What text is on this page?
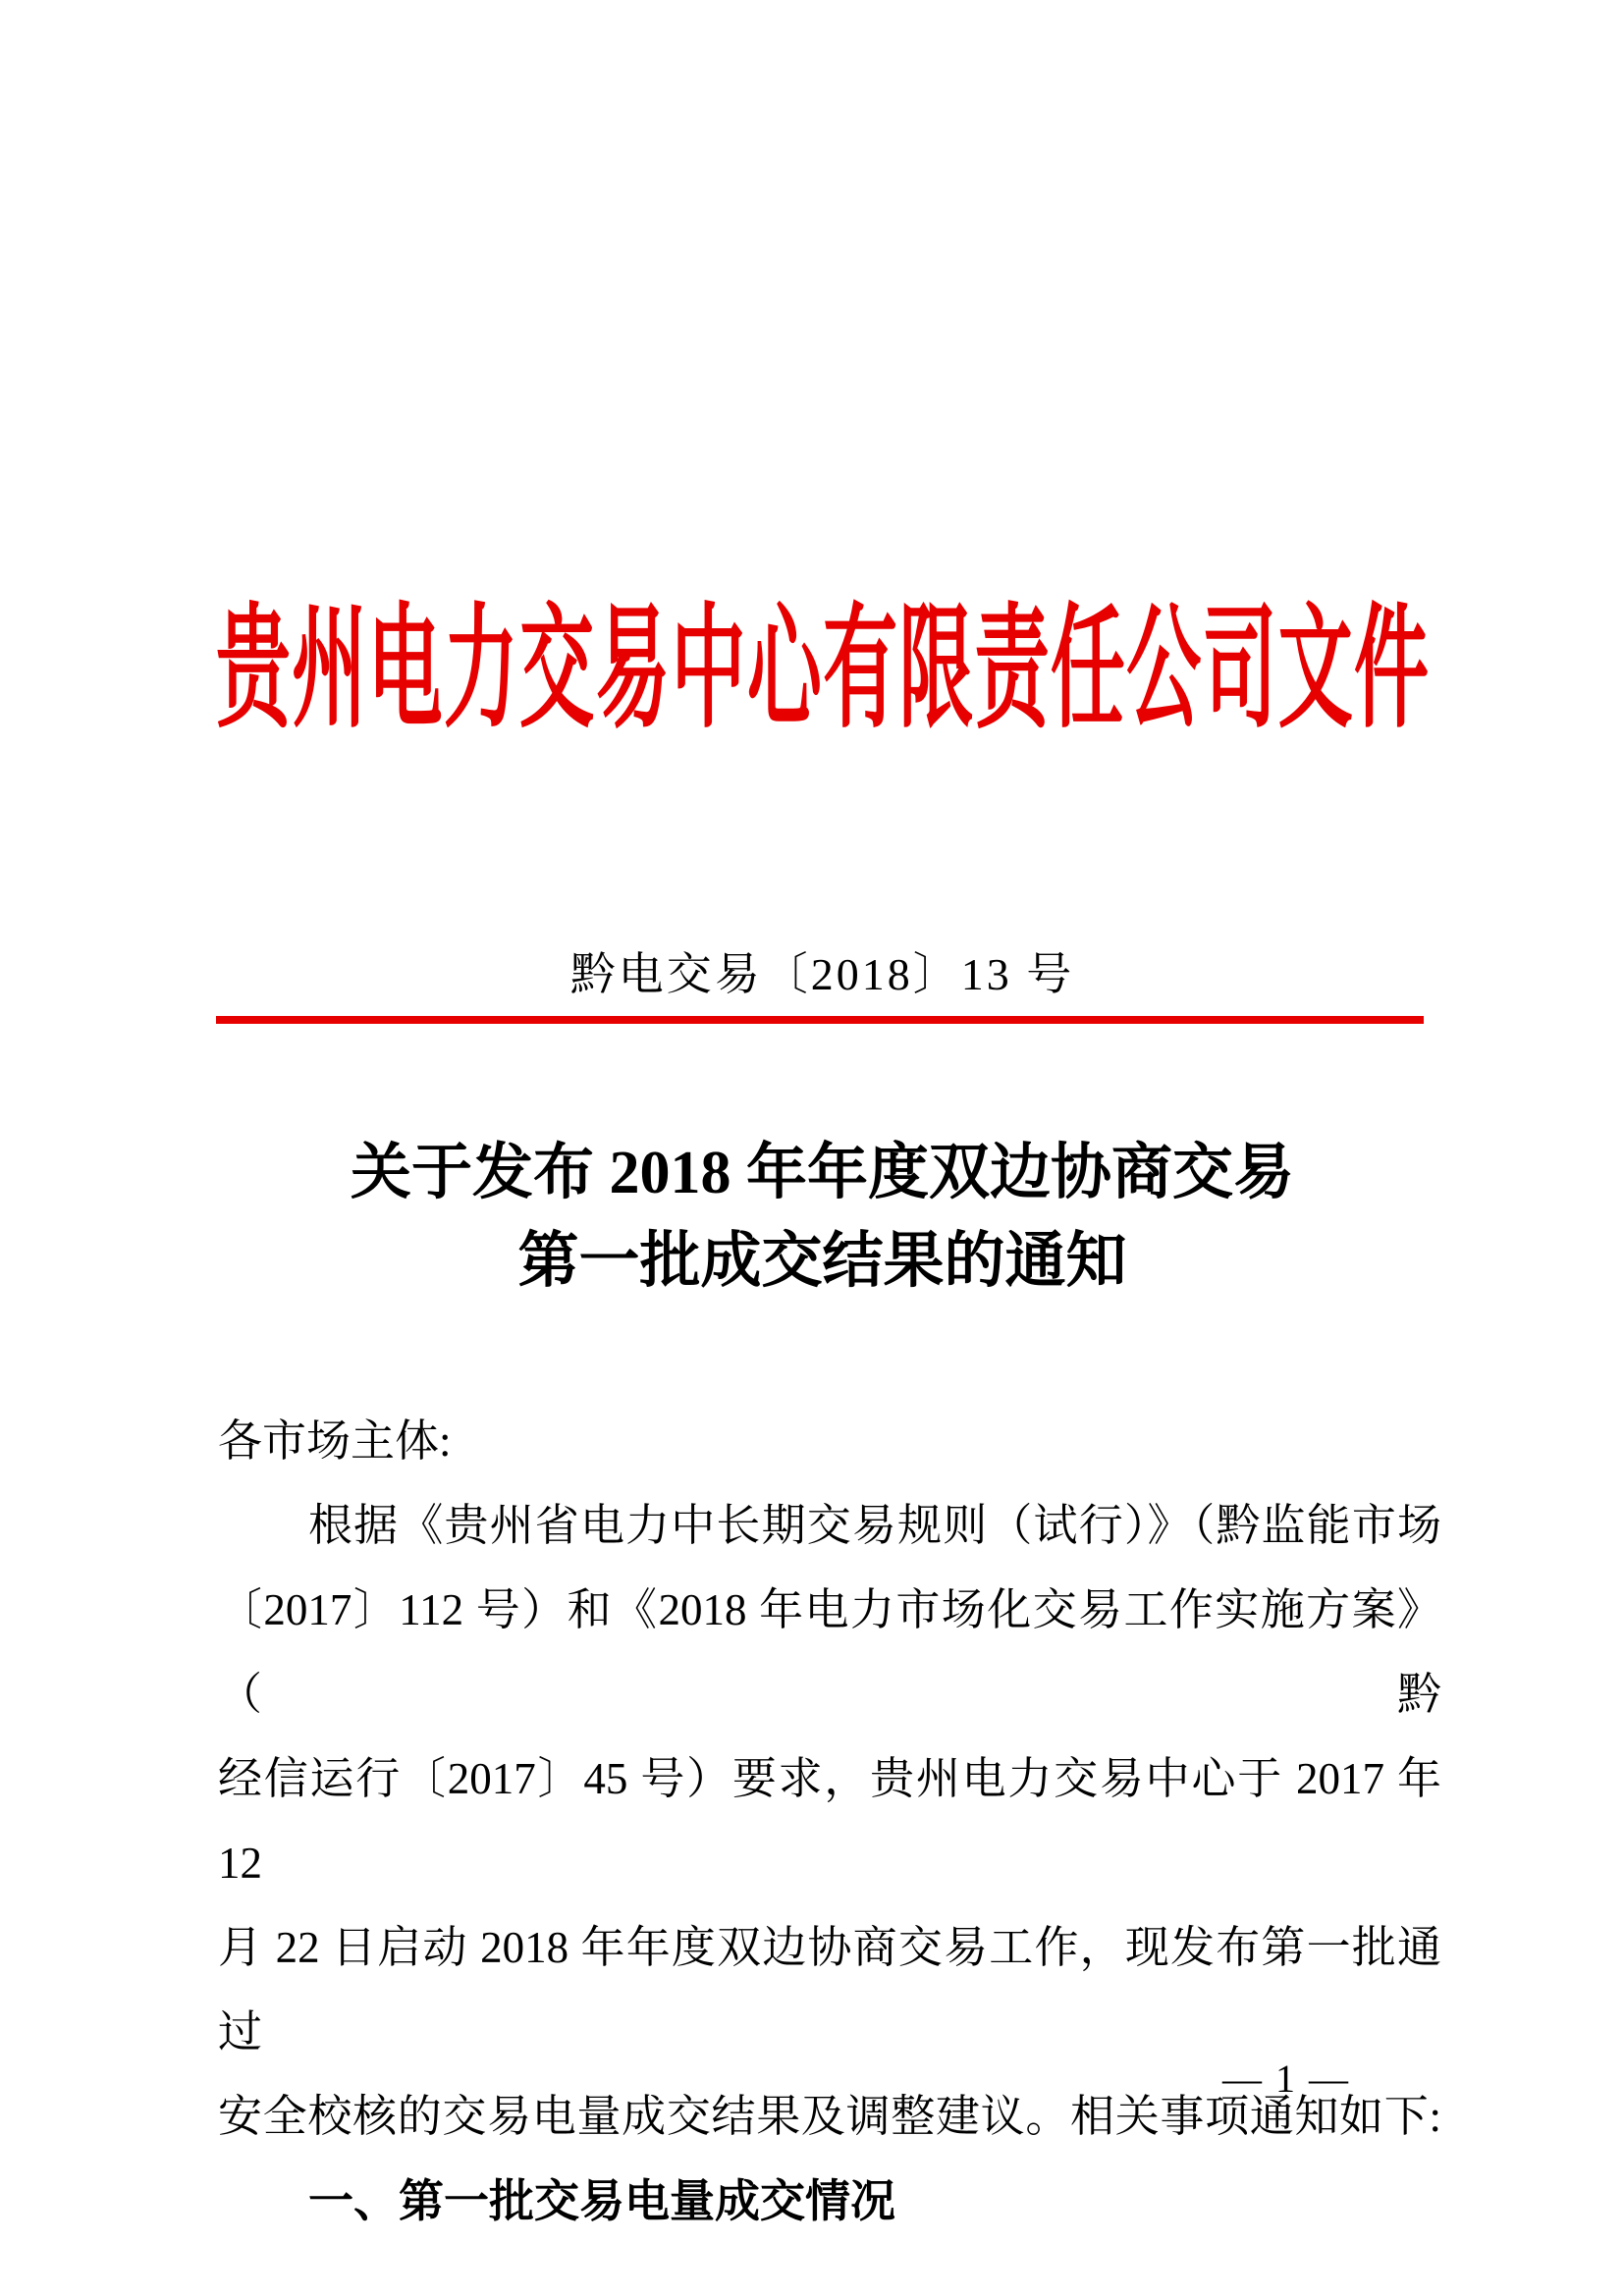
贵 州 电 力 交 易 中 心 有 限 责 任 公 司 文 件
黔电交易〔2018〕13 号
关于发布 2018 年年度双边协商交易
第一批成交结果的通知
各市场主体:
根据《贵州省电力中长期交易规则（试行）》（黔监能市场
〔2017〕112 号）和《2018 年电力市场化交易工作实施方案》（黔
经信运行〔2017〕45 号）要求，贵州电力交易中心于 2017 年 12
月 22 日启动 2018 年年度双边协商交易工作，现发布第一批通过
安全校核的交易电量成交结果及调整建议。相关事项通知如下:
一、第一批交易电量成交情况
— 1 —
